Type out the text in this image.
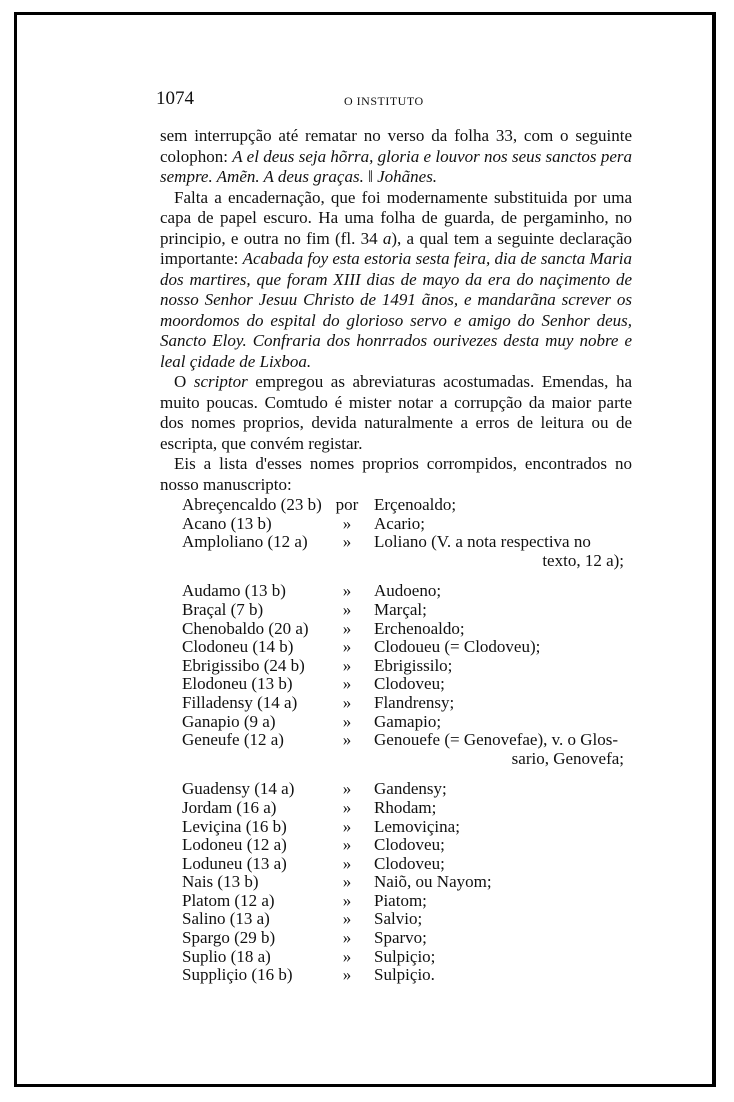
1074	O INSTITUTO

sem interrupção até rematar no verso da folha 33, com o seguinte colophon: A el deus seja hõrra, gloria e louvor nos seus sanctos pera sempre. Amẽn. A deus graças. ‖ Johãnes.

Falta a encadernação, que foi modernamente substituida por uma capa de papel escuro. Ha uma folha de guarda, de pergaminho, no principio, e outra no fim (fl. 34 a), a qual tem a seguinte declaração importante: Acabada foy esta estoria sesta feira, dia de sancta Maria dos martires, que foram XIII dias de mayo da era do naçimento de nosso Senhor Jesuu Christo de 1491 ãnos, e mandarãna screver os moordomos do espital do glorioso servo e amigo do Senhor deus, Sancto Eloy. Confraria dos honrrados ourivezes desta muy nobre e leal çidade de Lixboa.

O scriptor empregou as abreviaturas acostumadas. Emendas, ha muito poucas. Comtudo é mister notar a corrupção da maior parte dos nomes proprios, devida naturalmente a erros de leitura ou de escripta, que convém registar.

Eis a lista d'esses nomes proprios corrompidos, encontrados no nosso manuscripto:

Abreçencaldo (23 b) por Erçenoaldo;
Acano (13 b)	»	Acario;
Amploliano (12 a)	»	Loliano (V. a nota respectiva no
texto, 12 a);
Audamo (13 b)	»	Audoeno;
Braçal (7 b)	»	Marçal;
Chenobaldo (20 a)	»	Erchenoaldo;
Clodoneu (14 b)	»	Clodoueu (= Clodoveu);
Ebrigissibo (24 b)	»	Ebrigissilo;
Elodoneu (13 b)	»	Clodoveu;
Filladensy (14 a)	»	Flandrensy;
Ganapio (9 a)	»	Gamapio;
Geneufe (12 a)	»	Genouefe (= Genovefae), v. o Glos-
sario, Genovefa;
Guadensy (14 a)	»	Gandensy;
Jordam (16 a)	»	Rhodam;
Leviçina (16 b)	»	Lemoviçina;
Lodoneu (12 a)	»	Clodoveu;
Loduneu (13 a)	»	Clodoveu;
Nais (13 b)	»	Naiõ, ou Nayom;
Platom (12 a)	»	Piatom;
Salino (13 a)	»	Salvio;
Spargo (29 b)	»	Sparvo;
Suplio (18 a)	»	Sulpiçio;
Suppliçio (16 b)	»	Sulpiçio.
